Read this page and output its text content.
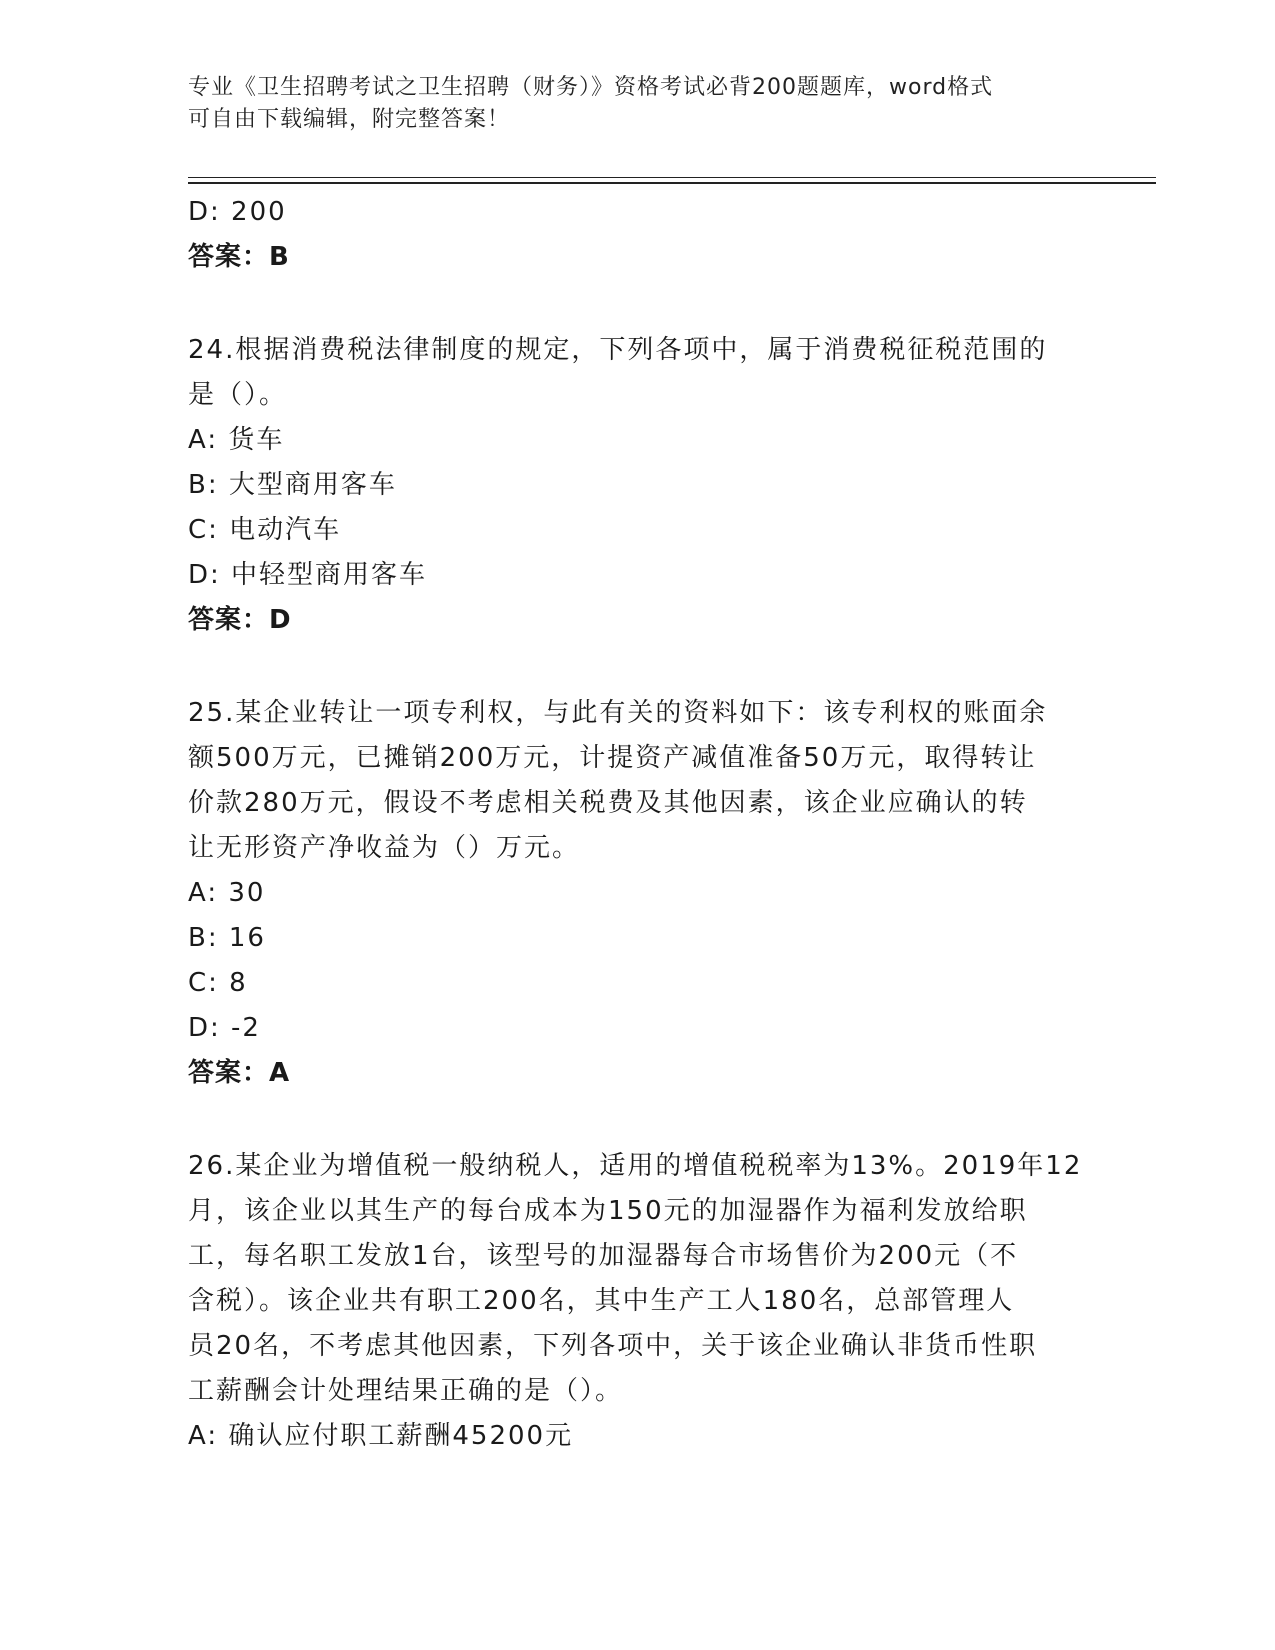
专业《卫生招聘考试之卫生招聘（财务）》资格考试必背200题题库，word格式
可自由下载编辑，附完整答案！
D: 200
答案：B
24.根据消费税法律制度的规定，下列各项中，属于消费税征税范围的
是（）。
A: 货车
B: 大型商用客车
C: 电动汽车
D: 中轻型商用客车
答案：D
25.某企业转让一项专利权，与此有关的资料如下：该专利权的账面余
额500万元，已摊销200万元，计提资产减值准备50万元，取得转让
价款280万元，假设不考虑相关税费及其他因素，该企业应确认的转
让无形资产净收益为（）万元。
A: 30
B: 16
C: 8
D: -2
答案：A
26.某企业为增值税一般纳税人，适用的增值税税率为13%。2019年12
月，该企业以其生产的每台成本为150元的加湿器作为福利发放给职
工，每名职工发放1台，该型号的加湿器每合市场售价为200元（不
含税）。该企业共有职工200名，其中生产工人180名，总部管理人
员20名，不考虑其他因素，下列各项中，关于该企业确认非货币性职
工薪酬会计处理结果正确的是（）。
A: 确认应付职工薪酬45200元
